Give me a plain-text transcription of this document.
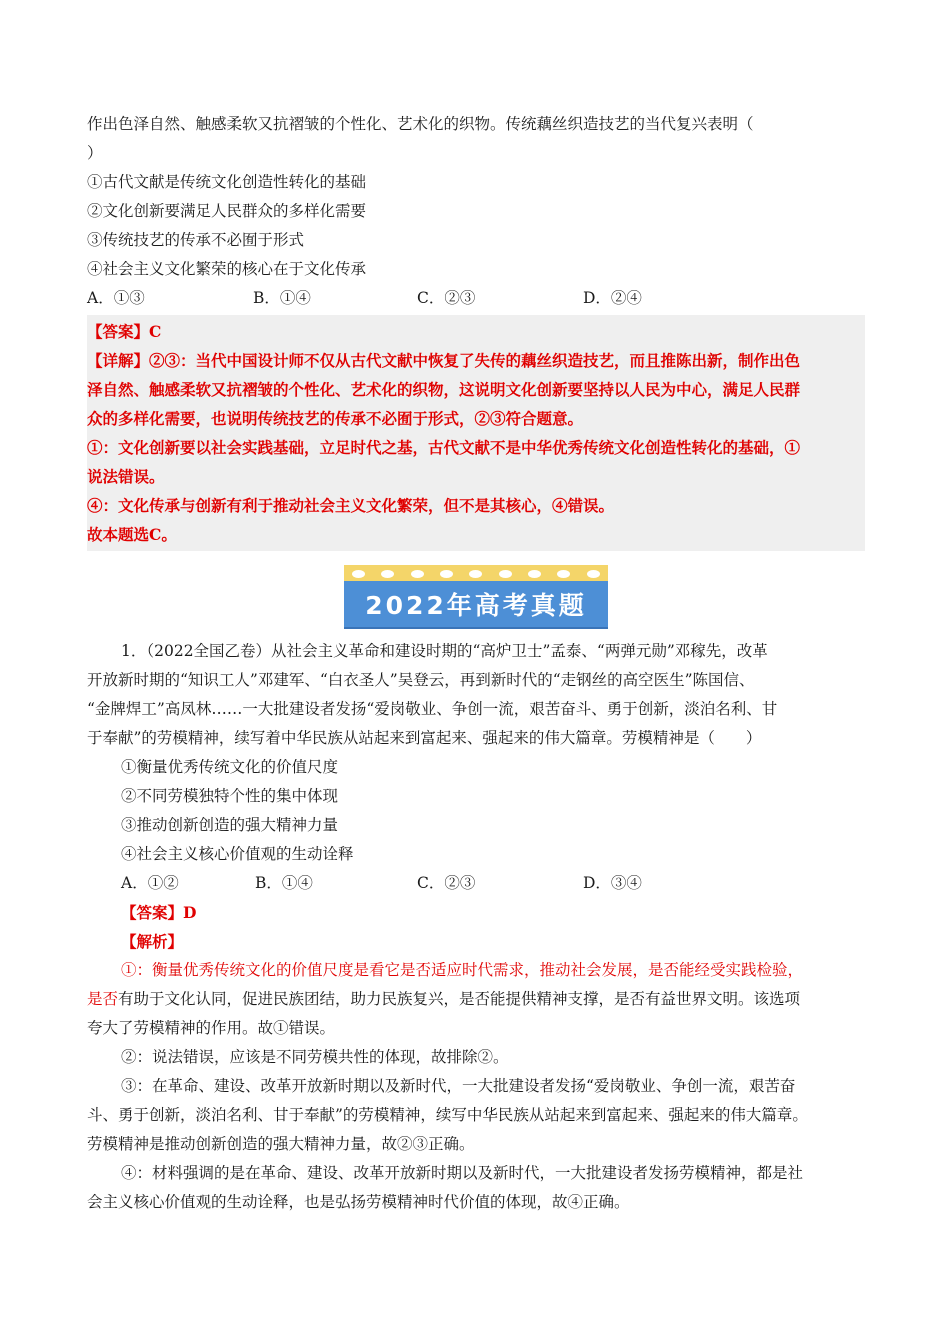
作出色泽自然、触感柔软又抗褶皱的个性化、艺术化的织物。传统藕丝织造技艺的当代复兴表明（
）
①古代文献是传统文化创造性转化的基础
②文化创新要满足人民群众的多样化需要
③传统技艺的传承不必囿于形式
④社会主义文化繁荣的核心在于文化传承
A．①③	B．①④	C．②③	D．②④
【答案】C
【详解】②③：当代中国设计师不仅从古代文献中恢复了失传的藕丝织造技艺，而且推陈出新，制作出色
泽自然、触感柔软又抗褶皱的个性化、艺术化的织物，这说明文化创新要坚持以人民为中心，满足人民群
众的多样化需要，也说明传统技艺的传承不必囿于形式，②③符合题意。
①：文化创新要以社会实践基础，立足时代之基，古代文献不是中华优秀传统文化创造性转化的基础，①
说法错误。
④：文化传承与创新有利于推动社会主义文化繁荣，但不是其核心，④错误。
故本题选C。
2022年高考真题
1．（2022全国乙卷）从社会主义革命和建设时期的“高炉卫士”孟泰、“两弹元勋”邓稼先，改革
开放新时期的“知识工人”邓建军、“白衣圣人”吴登云，再到新时代的“走钢丝的高空医生”陈国信、
“金牌焊工”高凤林……一大批建设者发扬“爱岗敬业、争创一流，艰苦奋斗、勇于创新，淡泊名利、甘
于奉献”的劳模精神，续写着中华民族从站起来到富起来、强起来的伟大篇章。劳模精神是（　　）
①衡量优秀传统文化的价值尺度
②不同劳模独特个性的集中体现
③推动创新创造的强大精神力量
④社会主义核心价值观的生动诠释
A．①②	B．①④	C．②③	D．③④
【答案】D
【解析】
①：衡量优秀传统文化的价值尺度是看它是否适应时代需求，推动社会发展，是否能经受实践检验，
是否有助于文化认同，促进民族团结，助力民族复兴，是否能提供精神支撑，是否有益世界文明。该选项
夸大了劳模精神的作用。故①错误。
②：说法错误，应该是不同劳模共性的体现，故排除②。
③：在革命、建设、改革开放新时期以及新时代，一大批建设者发扬“爱岗敬业、争创一流，艰苦奋
斗、勇于创新，淡泊名利、甘于奉献”的劳模精神，续写中华民族从站起来到富起来、强起来的伟大篇章。
劳模精神是推动创新创造的强大精神力量，故②③正确。
④：材料强调的是在革命、建设、改革开放新时期以及新时代，一大批建设者发扬劳模精神，都是社
会主义核心价值观的生动诠释，也是弘扬劳模精神时代价值的体现，故④正确。
